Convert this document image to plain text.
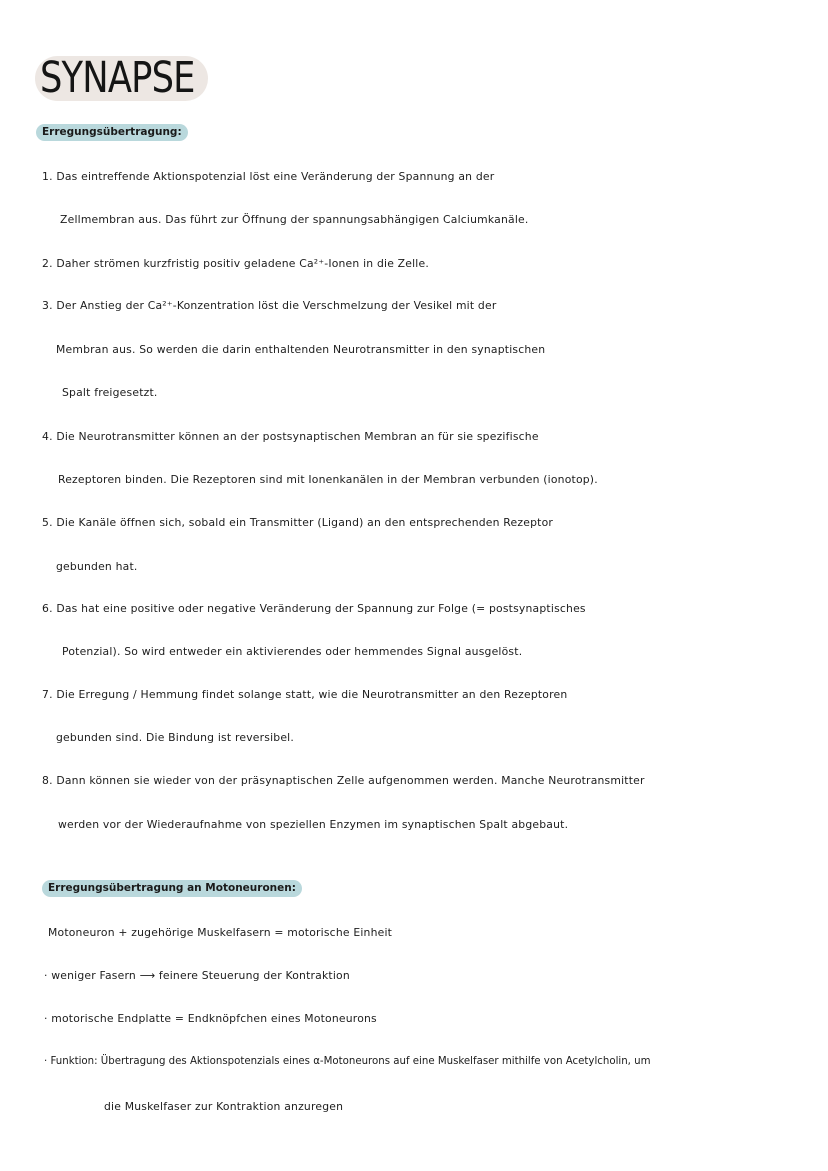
SYNAPSE
Erregungsübertragung:
1. Das eintreffende Aktionspotenzial löst eine Veränderung der Spannung an der
Zellmembran aus. Das führt zur Öffnung der spannungsabhängigen Calciumkanäle.
2. Daher strömen kurzfristig positiv geladene Ca²⁺-Ionen in die Zelle.
3. Der Anstieg der Ca²⁺-Konzentration löst die Verschmelzung der Vesikel mit der
Membran aus. So werden die darin enthaltenden Neurotransmitter in den synaptischen
Spalt freigesetzt.
4. Die Neurotransmitter können an der postsynaptischen Membran an für sie spezifische
Rezeptoren binden. Die Rezeptoren sind mit Ionenkanälen in der Membran verbunden (ionotop).
5. Die Kanäle öffnen sich, sobald ein Transmitter (Ligand) an den entsprechenden Rezeptor
gebunden hat.
6. Das hat eine positive oder negative Veränderung der Spannung zur Folge (= postsynaptisches
Potenzial). So wird entweder ein aktivierendes oder hemmendes Signal ausgelöst.
7. Die Erregung / Hemmung findet solange statt, wie die Neurotransmitter an den Rezeptoren
gebunden sind. Die Bindung ist reversibel.
8. Dann können sie wieder von der präsynaptischen Zelle aufgenommen werden. Manche Neurotransmitter
werden vor der Wiederaufnahme von speziellen Enzymen im synaptischen Spalt abgebaut.
Erregungsübertragung an Motoneuronen:
Motoneuron + zugehörige Muskelfasern = motorische Einheit
· weniger Fasern ⟶ feinere Steuerung der Kontraktion
· motorische Endplatte = Endknöpfchen eines Motoneurons
· Funktion: Übertragung des Aktionspotenzials eines α-Motoneurons auf eine Muskelfaser mithilfe von Acetylcholin, um
die Muskelfaser zur Kontraktion anzuregen
